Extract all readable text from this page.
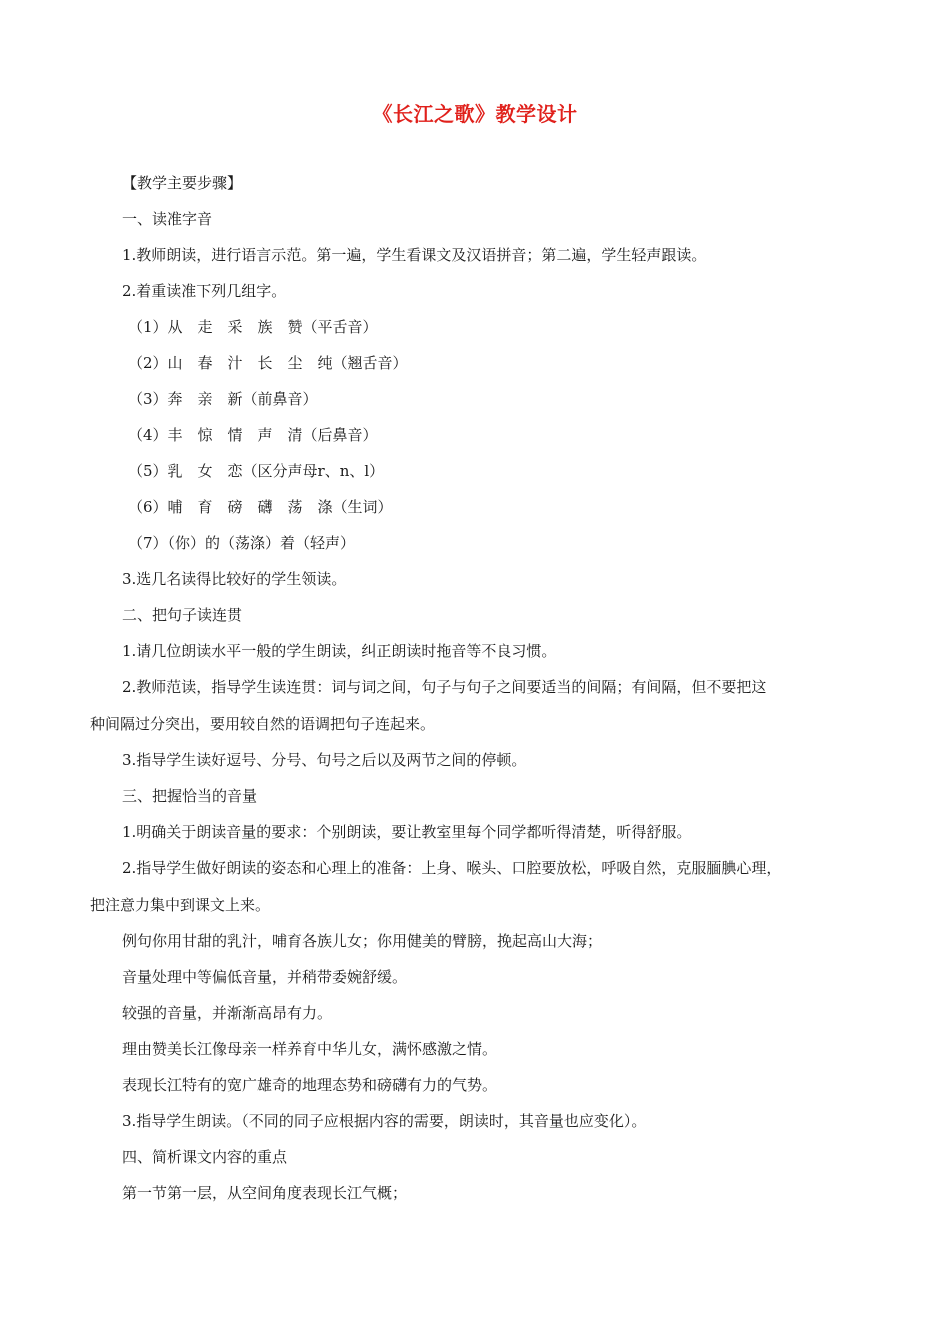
《长江之歌》教学设计
【教学主要步骤】
一、读准字音
1.教师朗读，进行语言示范。第一遍，学生看课文及汉语拼音；第二遍，学生轻声跟读。
2.着重读准下列几组字。
（1）从　走　采　族　赞（平舌音）
（2）山　春　汁　长　尘　纯（翘舌音）
（3）奔　亲　新（前鼻音）
（4）丰　惊　情　声　清（后鼻音）
（5）乳　女　恋（区分声母r、n、l）
（6）哺　育　磅　礴　荡　涤（生词）
（7）（你）的（荡涤）着（轻声）
3.选几名读得比较好的学生领读。
二、把句子读连贯
1.请几位朗读水平一般的学生朗读，纠正朗读时拖音等不良习惯。
2.教师范读，指导学生读连贯：词与词之间，句子与句子之间要适当的间隔；有间隔，但不要把这
种间隔过分突出，要用较自然的语调把句子连起来。
3.指导学生读好逗号、分号、句号之后以及两节之间的停顿。
三、把握恰当的音量
1.明确关于朗读音量的要求：个别朗读，要让教室里每个同学都听得清楚，听得舒服。
2.指导学生做好朗读的姿态和心理上的准备：上身、喉头、口腔要放松，呼吸自然，克服腼腆心理，
把注意力集中到课文上来。
例句你用甘甜的乳汁，哺育各族儿女；你用健美的臂膀，挽起高山大海；
音量处理中等偏低音量，并稍带委婉舒缓。
较强的音量，并渐渐高昂有力。
理由赞美长江像母亲一样养育中华儿女，满怀感激之情。
表现长江特有的宽广雄奇的地理态势和磅礴有力的气势。
3.指导学生朗读。（不同的同子应根据内容的需要，朗读时，其音量也应变化）。
四、简析课文内容的重点
第一节第一层，从空间角度表现长江气概；
